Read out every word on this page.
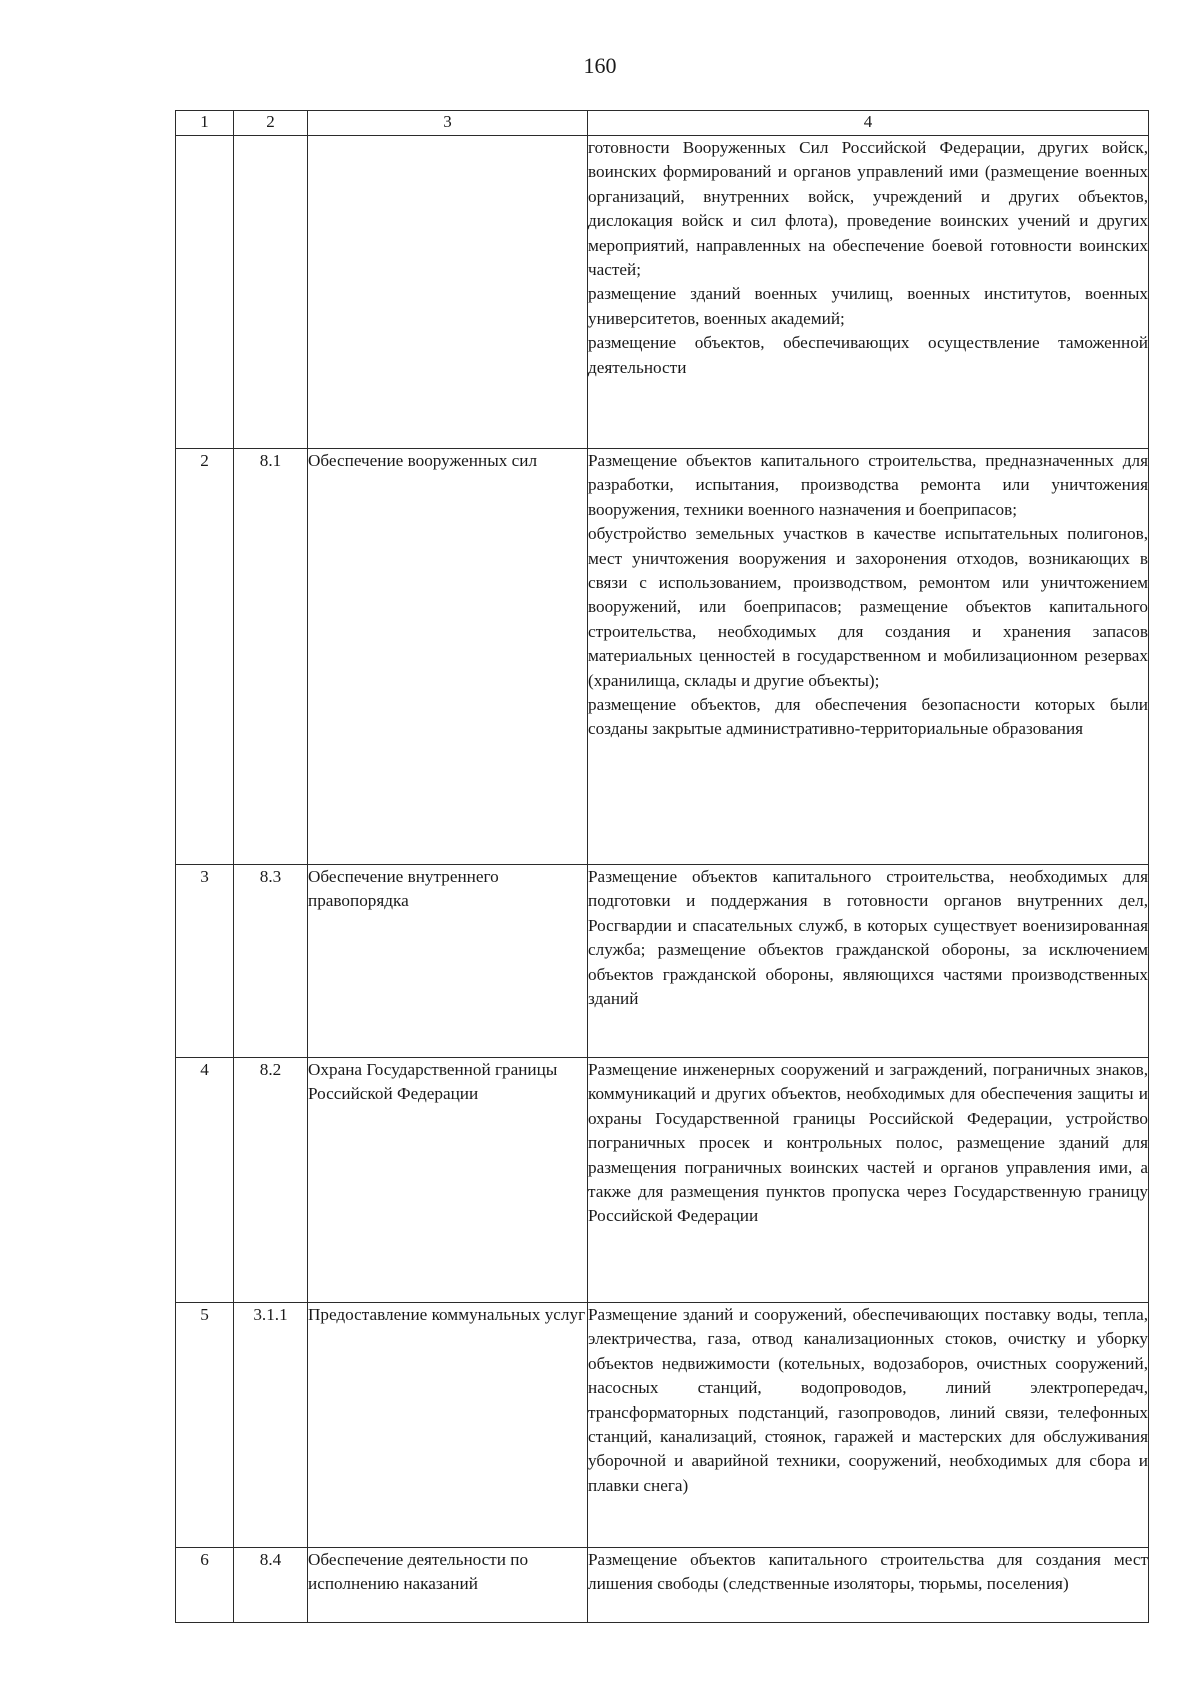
160
1	2	3	4

			готовности Вооруженных Сил Российской Федерации, других войск, воинских формирований и органов управлений ими (размещение военных организаций, внутренних войск, учреждений и других объектов, дислокация войск и сил флота), проведение воинских учений и других мероприятий, направленных на обеспечение боевой готовности воинских частей;

размещение зданий военных училищ, военных институтов, военных университетов, военных академий;

размещение объектов, обеспечивающих осуществление таможенной деятельности

2	8.1	Обеспечение вооруженных сил	Размещение объектов капитального строительства, предназначенных для разработки, испытания, производства ремонта или уничтожения вооружения, техники военного назначения и боеприпасов;

обустройство земельных участков в качестве испытательных полигонов, мест уничтожения вооружения и захоронения отходов, возникающих в связи с использованием, производством, ремонтом или уничтожением вооружений, или боеприпасов; размещение объектов капитального строительства, необходимых для создания и хранения запасов материальных ценностей в государственном и мобилизационном резервах (хранилища, склады и другие объекты);

размещение объектов, для обеспечения безопасности которых были созданы закрытые административно-территориальные образования

3	8.3	Обеспечение внутреннего правопорядка	Размещение объектов капитального строительства, необходимых для подготовки и поддержания в готовности органов внутренних дел, Росгвардии и спасательных служб, в которых существует военизированная служба; размещение объектов гражданской обороны, за исключением объектов гражданской обороны, являющихся частями производственных зданий

4	8.2	Охрана Государственной границы Российской Федерации	Размещение инженерных сооружений и заграждений, пограничных знаков, коммуникаций и других объектов, необходимых для обеспечения защиты и охраны Государственной границы Российской Федерации, устройство пограничных просек и контрольных полос, размещение зданий для размещения пограничных воинских частей и органов управления ими, а также для размещения пунктов пропуска через Государственную границу Российской Федерации

5	3.1.1	Предоставление коммунальных услуг	Размещение зданий и сооружений, обеспечивающих поставку воды, тепла, электричества, газа, отвод канализационных стоков, очистку и уборку объектов недвижимости (котельных, водозаборов, очистных сооружений, насосных станций, водопроводов, линий электропередач, трансформаторных подстанций, газопроводов, линий связи, телефонных станций, канализаций, стоянок, гаражей и мастерских для обслуживания уборочной и аварийной техники, сооружений, необходимых для сбора и плавки снега)

6	8.4	Обеспечение деятельности по исполнению наказаний	Размещение объектов капитального строительства для создания мест лишения свободы (следственные изоляторы, тюрьмы, поселения)
